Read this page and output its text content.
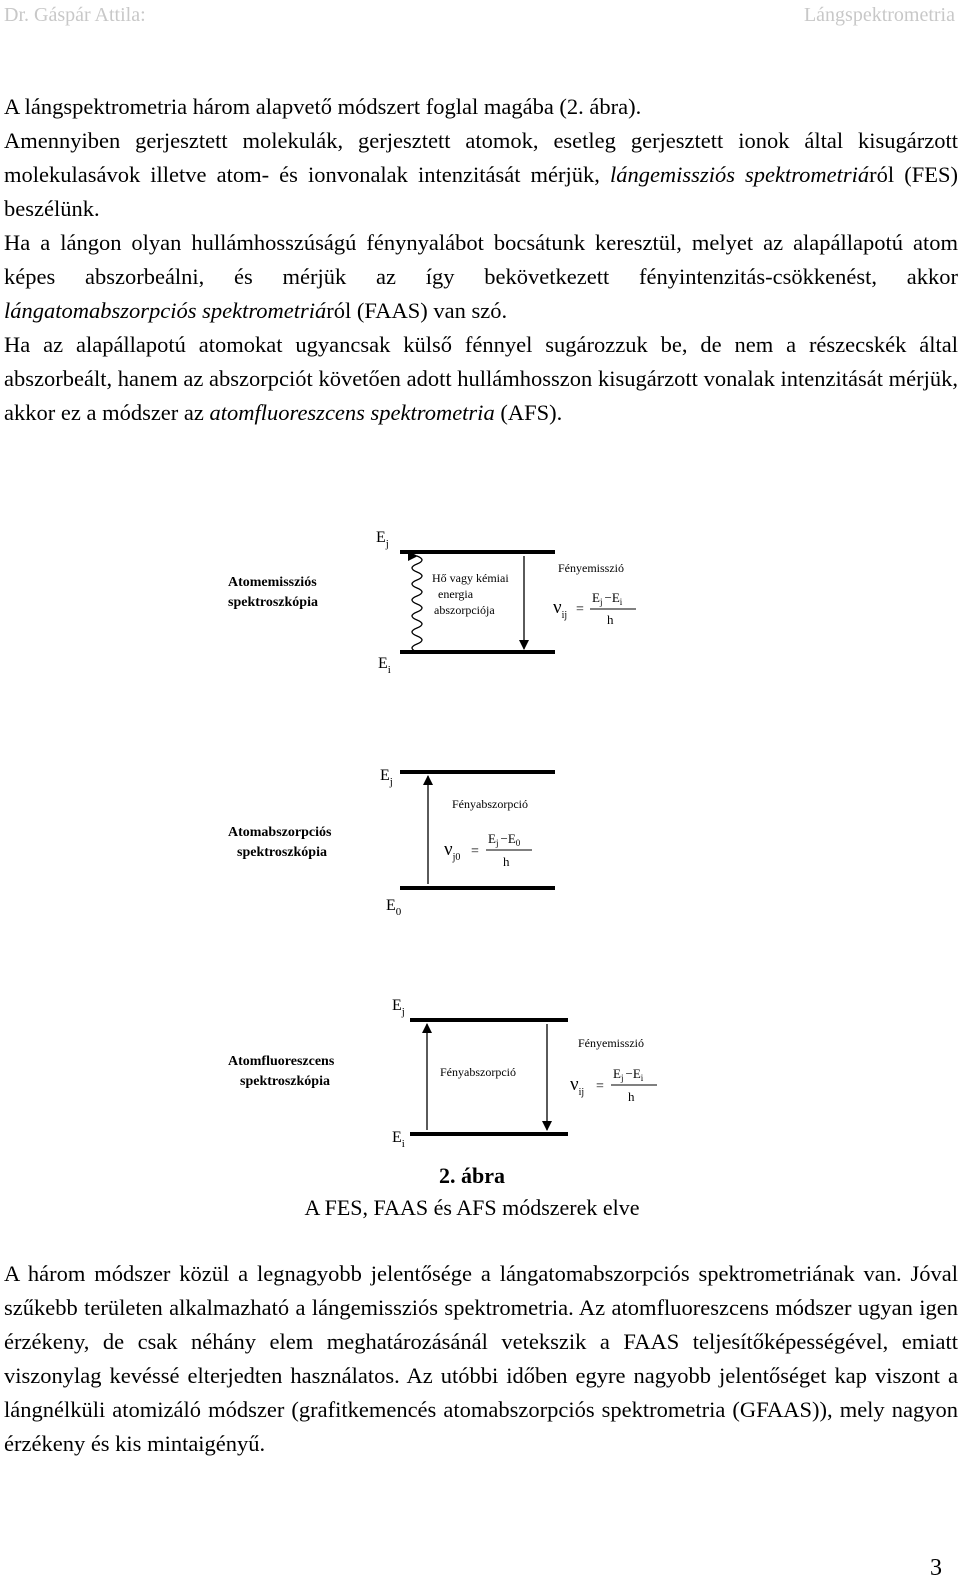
Dr. Gáspár Attila:	Lángspektrometria

A lángspektrometria három alapvető módszert foglal magába (2. ábra).
Amennyiben gerjesztett molekulák, gerjesztett atomok, esetleg gerjesztett ionok által kisugárzott molekulasávok illetve atom- és ionvonalak intenzitását mérjük, lángemissziós spektrometriáról (FES) beszélünk.
Ha a lángon olyan hullámhosszúságú fénynyalábot bocsátunk keresztül, melyet az alapállapotú atom képes abszorbeálni, és mérjük az így bekövetkezett fényintenzitás-csökkenést, akkor lángatomabszorpciós spektrometriáról (FAAS) van szó.
Ha az alapállapotú atomokat ugyancsak külső fénnyel sugározzuk be, de nem a részecskék által abszorbeált, hanem az abszorpciót követően adott hullámhosszon kisugárzott vonalak intenzitását mérjük, akkor ez a módszer az atomfluoreszcens spektrometria (AFS).

$E_j$
Atomemissziós
spektroszkópia
Hő vagy kémiai
energia
abszorpciója
Fényemisszió
$\nu_{ij}$ =
$E_j -E_i$
h
$E_i$
$E_j$
Atomabszorpciós
spektroszkópia
Fényabszorpció
$\nu_{j0}$ =
$E_j -E_0$
h
$E_0$
$E_j$
Atomfluoreszcens
spektroszkópia
Fényabszorpció
Fényemisszió
$\nu_{ij}$ =
$E_j -E_i$
h
$E_i$
2. ábra
A FES, FAAS és AFS módszerek elve

A három módszer közül a legnagyobb jelentősége a lángatomabszorpciós spektrometriának van. Jóval szűkebb területen alkalmazható a lángemissziós spektrometria. Az atomfluoreszcens módszer ugyan igen érzékeny, de csak néhány elem meghatározásánál vetekszik a FAAS teljesítőképességével, emiatt viszonylag kevéssé elterjedten használatos. Az utóbbi időben egyre nagyobb jelentőséget kap viszont a lángnélküli atomizáló módszer (grafitkemencés atomabszorpciós spektrometria (GFAAS)), mely nagyon érzékeny és kis mintaigényű.

3
